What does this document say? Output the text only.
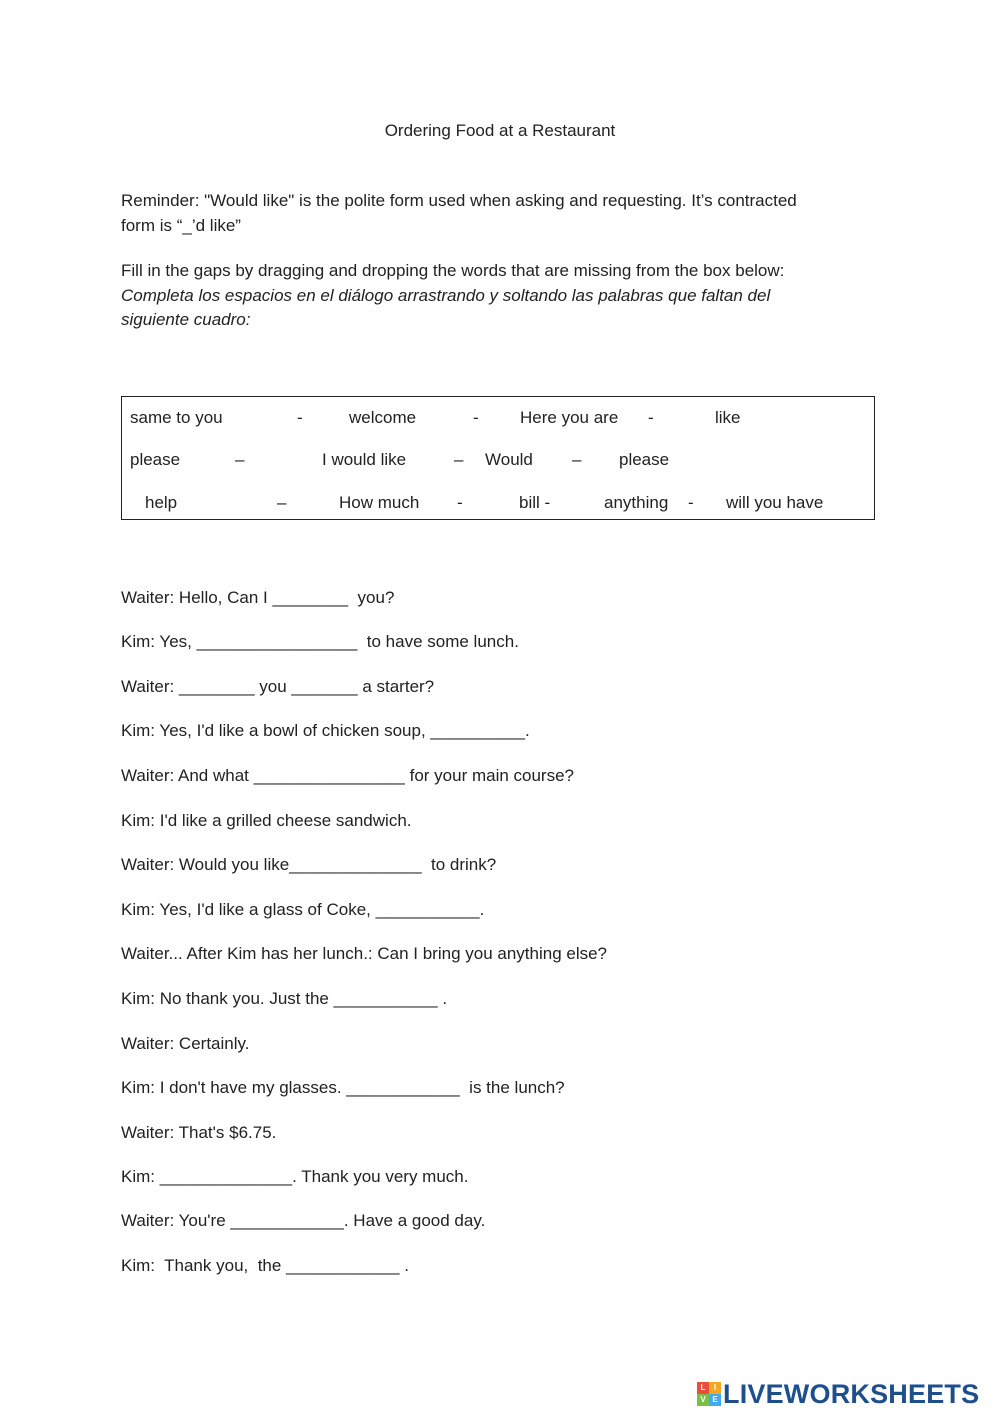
Ordering Food at a Restaurant
Reminder: "Would like" is the polite form used when asking and requesting. It’s contracted
form is “_’d like”
Fill in the gaps by dragging and dropping the words that are missing from the box below:
Completa los espacios en el diálogo arrastrando y soltando las palabras que faltan del
siguiente cuadro:
same to you	-	welcome	- Here you are -	like
please	–	I would like	– Would – please
help	–	How much -	bill -	anything - will you have
Waiter: Hello, Can I ________  you?
Kim: Yes, _________________  to have some lunch.
Waiter: ________ you _______ a starter?
Kim: Yes, I'd like a bowl of chicken soup, __________.
Waiter: And what ________________ for your main course?
Kim: I'd like a grilled cheese sandwich.
Waiter: Would you like______________  to drink?
Kim: Yes, I'd like a glass of Coke, ___________.
Waiter... After Kim has her lunch.: Can I bring you anything else?
Kim: No thank you. Just the ___________ .
Waiter: Certainly.
Kim: I don't have my glasses. ____________  is the lunch?
Waiter: That's $6.75.
Kim: ______________. Thank you very much.
Waiter: You're ____________. Have a good day.
Kim:  Thank you,  the ____________ .
L	I
V E LIVEWORKSHEETS
